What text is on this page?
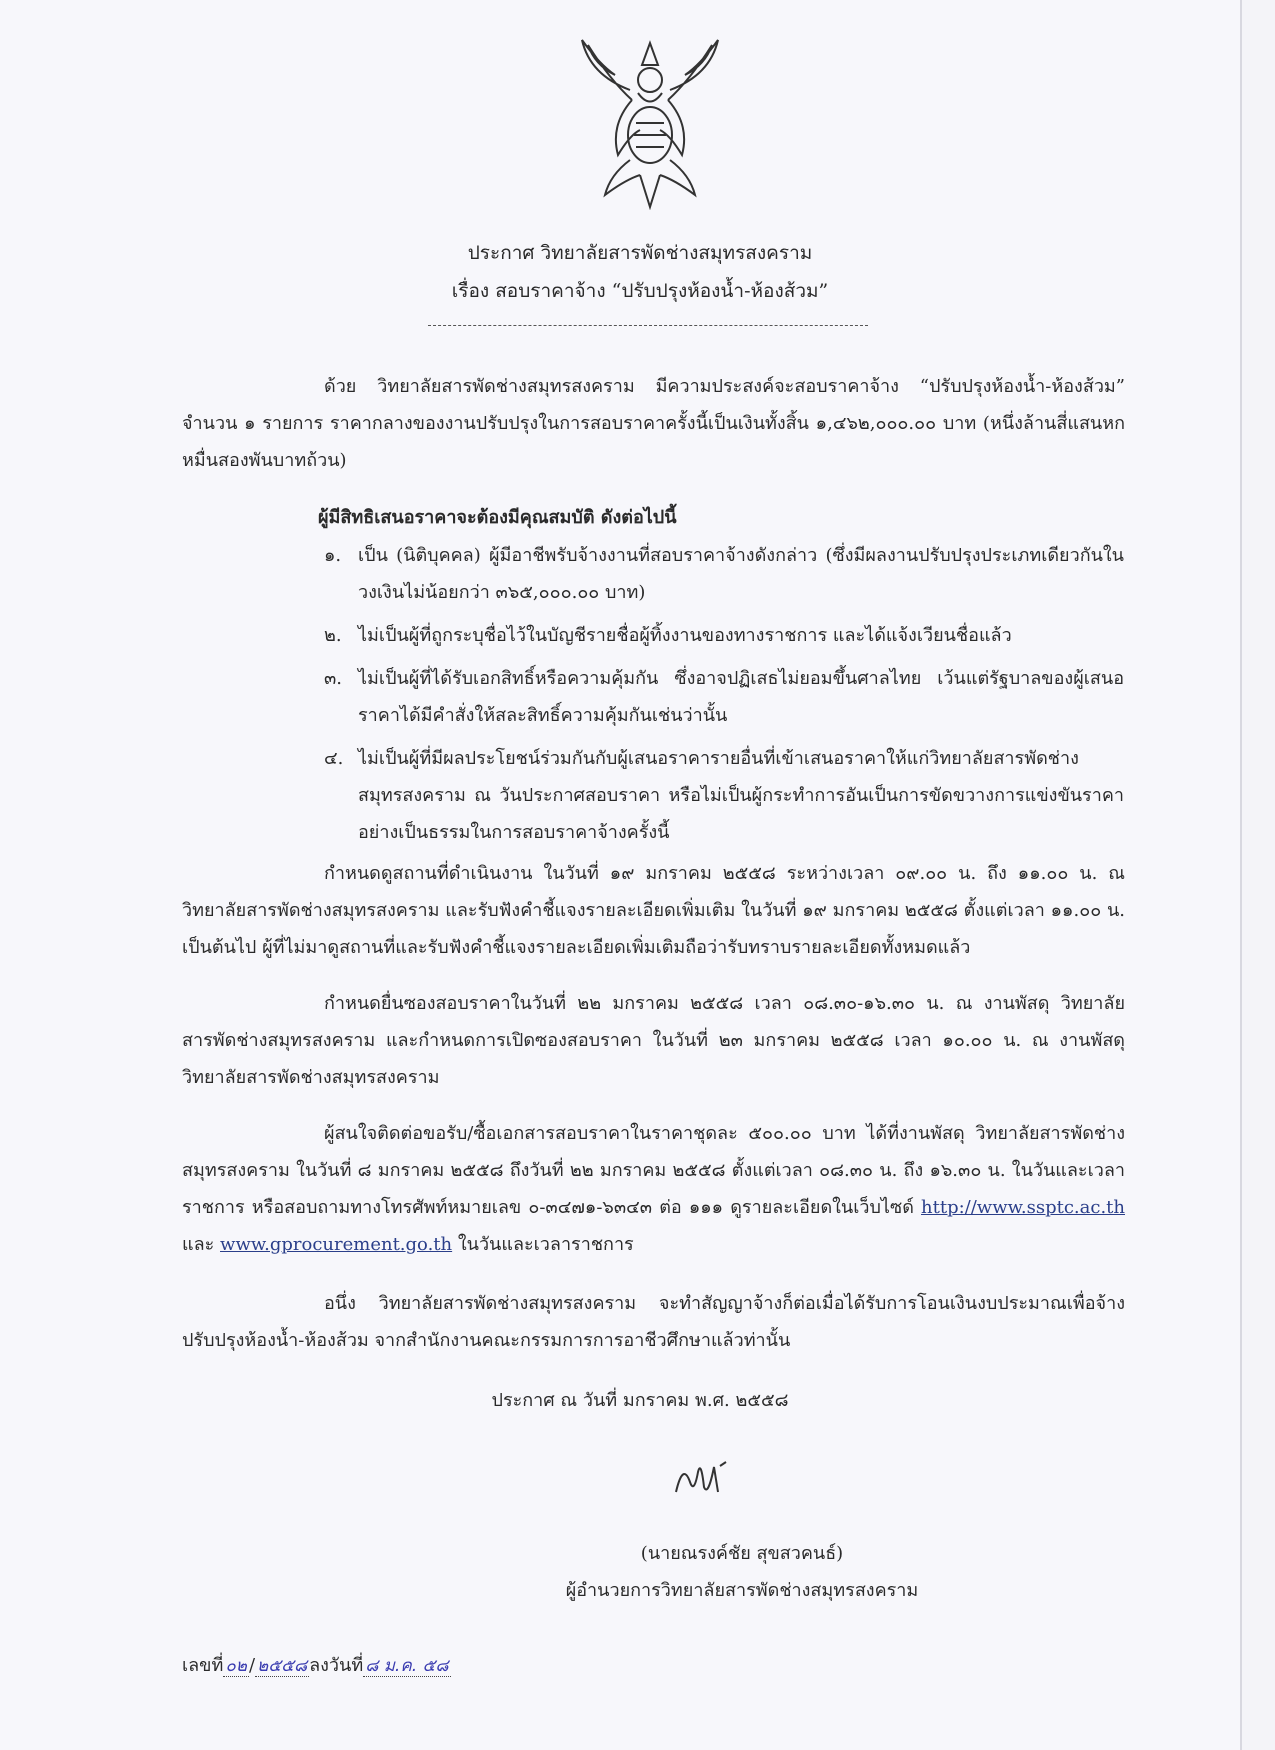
ประกาศ วิทยาลัยสารพัดช่างสมุทรสงคราม
เรื่อง สอบราคาจ้าง “ปรับปรุงห้องน้ำ-ห้องส้วม”
ด้วย วิทยาลัยสารพัดช่างสมุทรสงคราม มีความประสงค์จะสอบราคาจ้าง “ปรับปรุงห้องน้ำ-ห้องส้วม” จำนวน ๑ รายการ ราคากลางของงานปรับปรุงในการสอบราคาครั้งนี้เป็นเงินทั้งสิ้น ๑,๔๖๒,๐๐๐.๐๐ บาท (หนึ่งล้านสี่แสนหกหมื่นสองพันบาทถ้วน)
ผู้มีสิทธิเสนอราคาจะต้องมีคุณสมบัติ ดังต่อไปนี้
๑. เป็น (นิติบุคคล) ผู้มีอาชีพรับจ้างงานที่สอบราคาจ้างดังกล่าว (ซึ่งมีผลงานปรับปรุงประเภทเดียวกันในวงเงินไม่น้อยกว่า ๓๖๕,๐๐๐.๐๐ บาท)
๒. ไม่เป็นผู้ที่ถูกระบุชื่อไว้ในบัญชีรายชื่อผู้ทิ้งงานของทางราชการ และได้แจ้งเวียนชื่อแล้ว
๓. ไม่เป็นผู้ที่ได้รับเอกสิทธิ์หรือความคุ้มกัน ซึ่งอาจปฏิเสธไม่ยอมขึ้นศาลไทย เว้นแต่รัฐบาลของผู้เสนอราคาได้มีคำสั่งให้สละสิทธิ์ความคุ้มกันเช่นว่านั้น
๔. ไม่เป็นผู้ที่มีผลประโยชน์ร่วมกันกับผู้เสนอราคารายอื่นที่เข้าเสนอราคาให้แก่วิทยาลัยสารพัดช่างสมุทรสงคราม ณ วันประกาศสอบราคา หรือไม่เป็นผู้กระทำการอันเป็นการขัดขวางการแข่งขันราคาอย่างเป็นธรรมในการสอบราคาจ้างครั้งนี้
กำหนดดูสถานที่ดำเนินงาน ในวันที่ ๑๙ มกราคม ๒๕๕๘ ระหว่างเวลา ๐๙.๐๐ น. ถึง ๑๑.๐๐ น. ณ วิทยาลัยสารพัดช่างสมุทรสงคราม และรับฟังคำชี้แจงรายละเอียดเพิ่มเติม ในวันที่ ๑๙ มกราคม ๒๕๕๘ ตั้งแต่เวลา ๑๑.๐๐ น. เป็นต้นไป ผู้ที่ไม่มาดูสถานที่และรับฟังคำชี้แจงรายละเอียดเพิ่มเติมถือว่ารับทราบรายละเอียดทั้งหมดแล้ว
กำหนดยื่นซองสอบราคาในวันที่ ๒๒ มกราคม ๒๕๕๘ เวลา ๐๘.๓๐-๑๖.๓๐ น. ณ งานพัสดุ วิทยาลัยสารพัดช่างสมุทรสงคราม และกำหนดการเปิดซองสอบราคา ในวันที่ ๒๓ มกราคม ๒๕๕๘ เวลา ๑๐.๐๐ น. ณ งานพัสดุวิทยาลัยสารพัดช่างสมุทรสงคราม
ผู้สนใจติดต่อขอรับ/ซื้อเอกสารสอบราคาในราคาชุดละ ๕๐๐.๐๐ บาท ได้ที่งานพัสดุ วิทยาลัยสารพัดช่างสมุทรสงคราม ในวันที่ ๘ มกราคม ๒๕๕๘ ถึงวันที่ ๒๒ มกราคม ๒๕๕๘ ตั้งแต่เวลา ๐๘.๓๐ น. ถึง ๑๖.๓๐ น. ในวันและเวลาราชการ หรือสอบถามทางโทรศัพท์หมายเลข ๐-๓๔๗๑-๖๓๔๓ ต่อ ๑๑๑ ดูรายละเอียดในเว็บไซด์ http://www.ssptc.ac.th และ www.gprocurement.go.th ในวันและเวลาราชการ
อนึ่ง วิทยาลัยสารพัดช่างสมุทรสงคราม จะทำสัญญาจ้างก็ต่อเมื่อได้รับการโอนเงินงบประมาณเพื่อจ้างปรับปรุงห้องน้ำ-ห้องส้วม จากสำนักงานคณะกรรมการการอาชีวศึกษาแล้วท่านั้น
ประกาศ ณ วันที่ มกราคม พ.ศ. ๒๕๕๘
(นายณรงค์ชัย สุขสวคนธ์)
ผู้อำนวยการวิทยาลัยสารพัดช่างสมุทรสงคราม
เลขที่ ๐๒ / ๒๕๕๘ ลงวันที่ ๘ ม.ค. ๕๘
